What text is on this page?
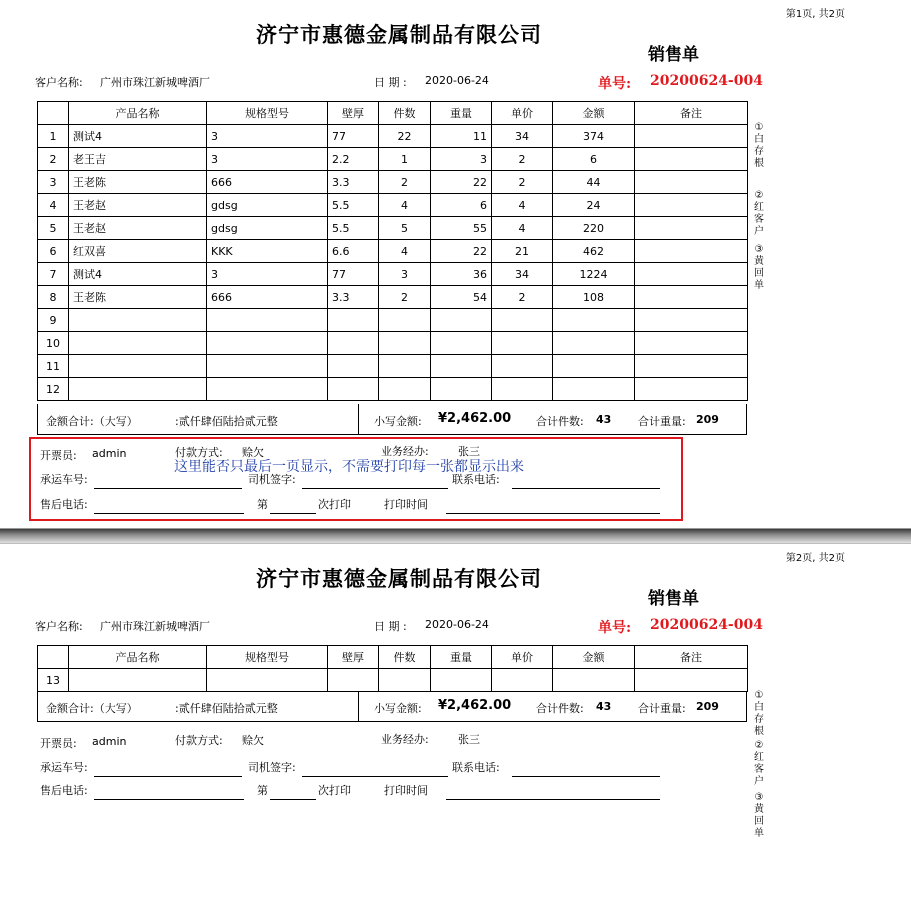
第1页, 共2页
济宁市惠德金属制品有限公司
销售单
客户名称: 广州市珠江新城啤酒厂	日 期 : 2020-06-24	单号: 20200624-004
	产品名称	规格型号	壁厚	件数	重量	单价	金额	备注
1	测试4	3	77	22	11	34	374	
2	老王吉	3	2.2	1	3	2	6	
3	王老陈	666	3.3	2	22	2	44	
4	王老赵	gdsg	5.5	4	6	4	24	
5	王老赵	gdsg	5.5	5	55	4	220	
6	红双喜	KKK	6.6	4	22	21	462	
7	测试4	3	77	3	36	34	1224	
8	王老陈	666	3.3	2	54	2	108	
9								
10								
11								
12								
金额合计:（大写）	:贰仟肆佰陆拾贰元整	小写金额: ¥2,462.00 合计件数: 43 合计重量: 209
①白存根
②红客户
③黄回单
开票员: admin	付款方式: 赊欠	业务经办:	张三
承运车号:	司机签字:	联系电话:
售后电话:	第	次打印	打印时间
这里能否只最后一页显示，不需要打印每一张都显示出来
第2页, 共2页
济宁市惠德金属制品有限公司
销售单
客户名称: 广州市珠江新城啤酒厂	日 期 : 2020-06-24	单号: 20200624-004
	产品名称	规格型号	壁厚	件数	重量	单价	金额	备注
13								
金额合计:（大写）	:贰仟肆佰陆拾贰元整	小写金额: ¥2,462.00 合计件数: 43 合计重量: 209
①白存根
②红客户
③黄回单
开票员: admin	付款方式: 赊欠	业务经办:	张三
承运车号:	司机签字:	联系电话:
售后电话:	第	次打印	打印时间
